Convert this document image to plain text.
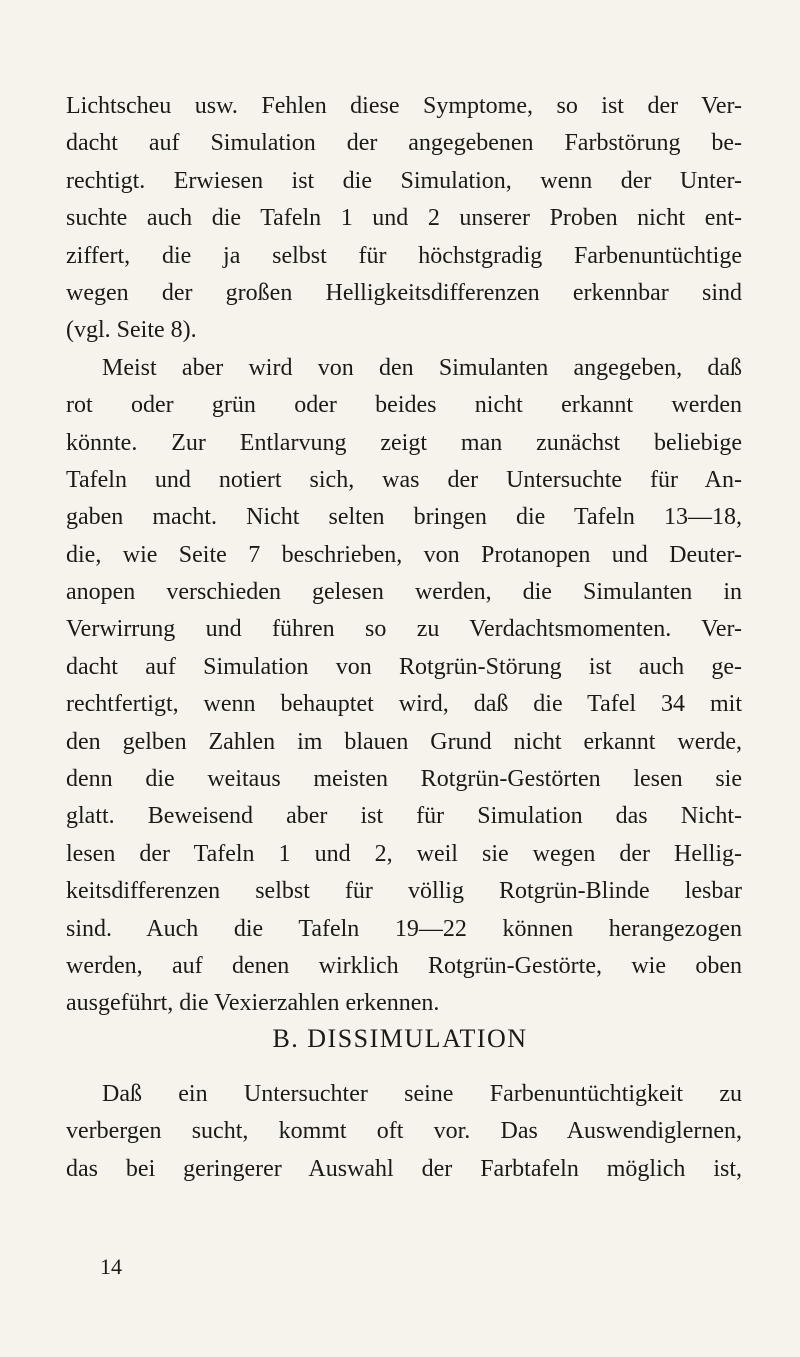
Lichtscheu usw. Fehlen diese Symptome, so ist der Ver-
dacht auf Simulation der angegebenen Farbstörung be-
rechtigt. Erwiesen ist die Simulation, wenn der Unter-
suchte auch die Tafeln 1 und 2 unserer Proben nicht ent-
ziffert, die ja selbst für höchstgradig Farbenuntüchtige
wegen der großen Helligkeitsdifferenzen erkennbar sind
(vgl. Seite 8).
Meist aber wird von den Simulanten angegeben, daß
rot oder grün oder beides nicht erkannt werden
könnte. Zur Entlarvung zeigt man zunächst beliebige
Tafeln und notiert sich, was der Untersuchte für An-
gaben macht. Nicht selten bringen die Tafeln 13—18,
die, wie Seite 7 beschrieben, von Protanopen und Deuter-
anopen verschieden gelesen werden, die Simulanten in
Verwirrung und führen so zu Verdachtsmomenten. Ver-
dacht auf Simulation von Rotgrün-Störung ist auch ge-
rechtfertigt, wenn behauptet wird, daß die Tafel 34 mit
den gelben Zahlen im blauen Grund nicht erkannt werde,
denn die weitaus meisten Rotgrün-Gestörten lesen sie
glatt. Beweisend aber ist für Simulation das Nicht-
lesen der Tafeln 1 und 2, weil sie wegen der Hellig-
keitsdifferenzen selbst für völlig Rotgrün-Blinde lesbar
sind. Auch die Tafeln 19—22 können herangezogen
werden, auf denen wirklich Rotgrün-Gestörte, wie oben
ausgeführt, die Vexierzahlen erkennen.
B. DISSIMULATION
Daß ein Untersuchter seine Farbenuntüchtigkeit zu
verbergen sucht, kommt oft vor. Das Auswendiglernen,
das bei geringerer Auswahl der Farbtafeln möglich ist,
14
